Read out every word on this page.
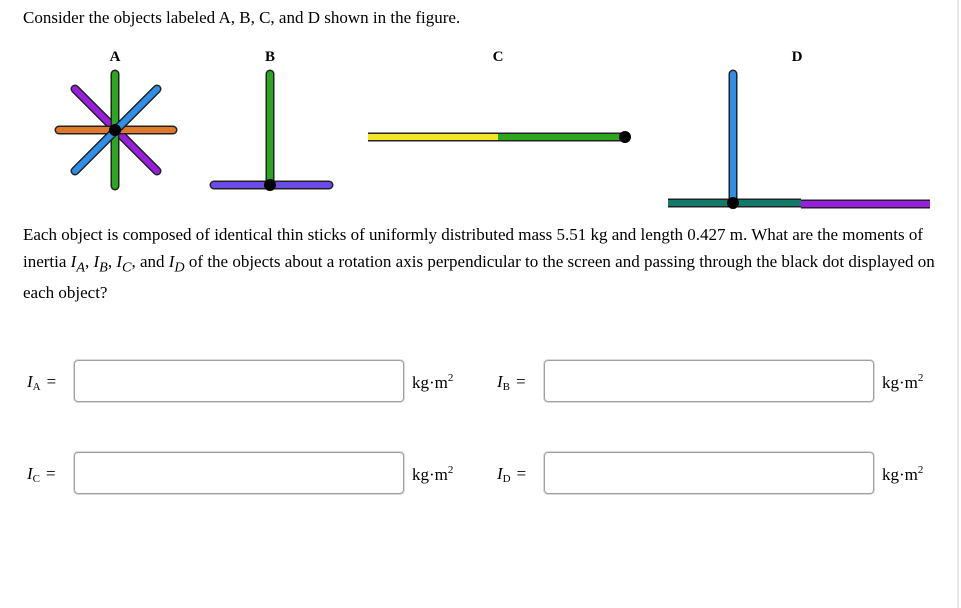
Consider the objects labeled A, B, C, and D shown in the figure.

A	B	C	D

Each object is composed of identical thin sticks of uniformly distributed mass 5.51 kg and length 0.427 m. What are the moments of inertia $I_A$, $I_B$, $I_C$, and $I_D$ of the objects about a rotation axis perpendicular to the screen and passing through the black dot displayed on each object?

$I_A$ =	$kg\cdot m^2$	$I_B$ =	$kg\cdot m^2$
$I_C$ =	$kg\cdot m^2$	$I_D$ =	$kg\cdot m^2$
